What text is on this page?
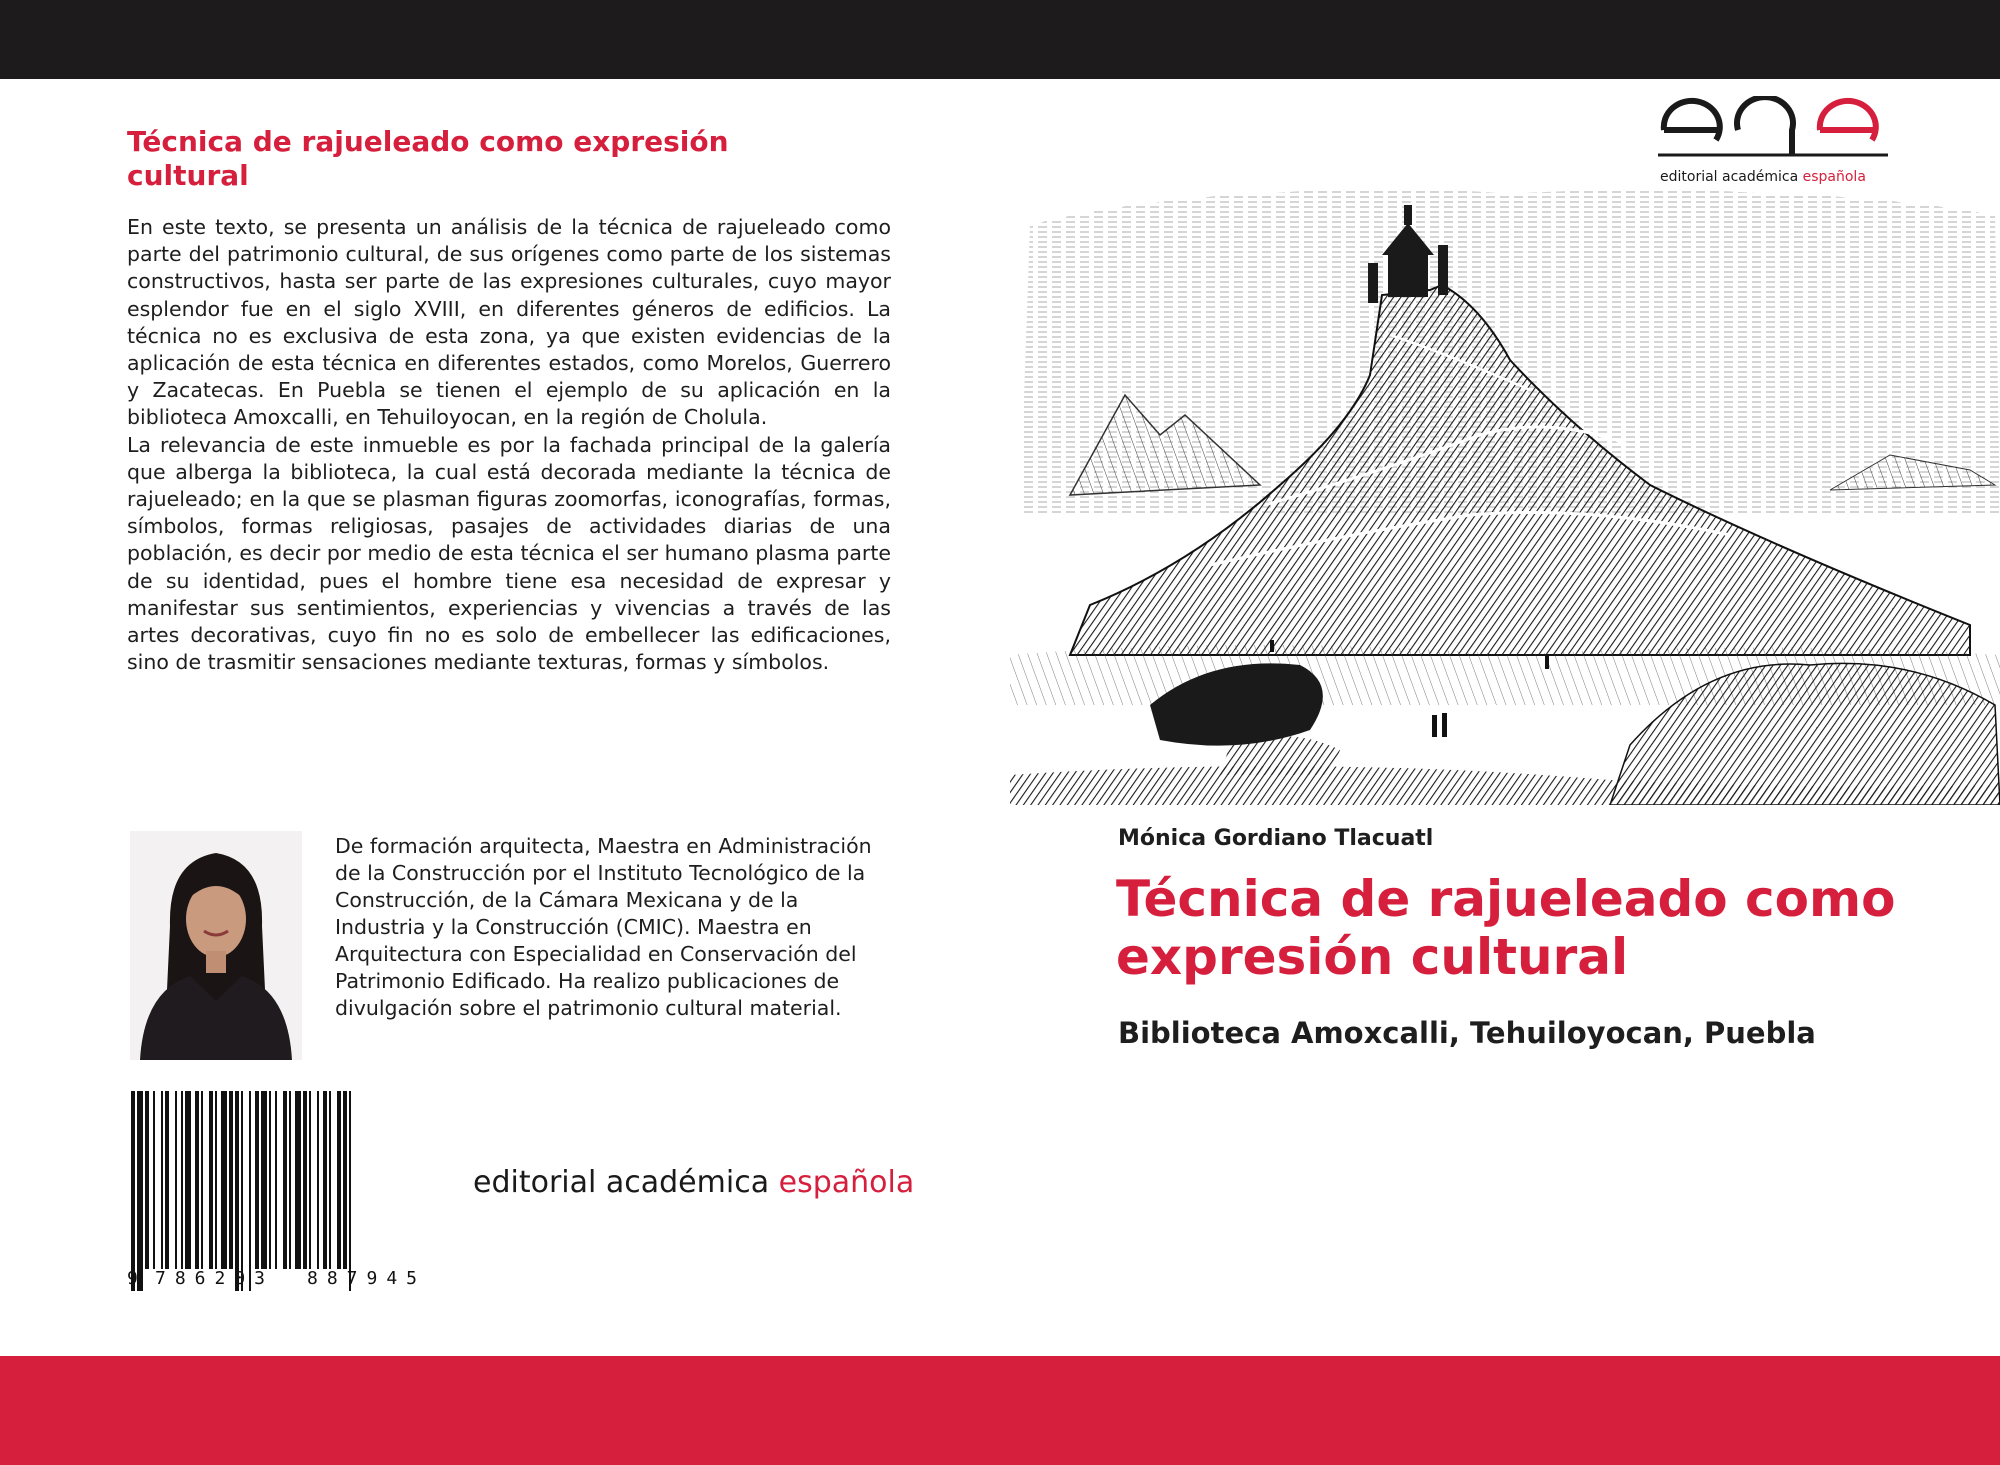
Técnica de rajueleado como expresión cultural

En este texto, se presenta un análisis de la técnica de rajueleado como parte del patrimonio cultural, de sus orígenes como parte de los sistemas constructivos, hasta ser parte de las expresiones culturales, cuyo mayor esplendor fue en el siglo XVIII, en diferentes géneros de edificios. La técnica no es exclusiva de esta zona, ya que existen evidencias de la aplicación de esta técnica en diferentes estados, como Morelos, Guerrero y Zacatecas. En Puebla se tienen el ejemplo de su aplicación en la biblioteca Amoxcalli, en Tehuiloyocan, en la región de Cholula.

La relevancia de este inmueble es por la fachada principal de la galería que alberga la biblioteca, la cual está decorada mediante la técnica de rajueleado; en la que se plasman figuras zoomorfas, iconografías, formas, símbolos, formas religiosas, pasajes de actividades diarias de una población, es decir por medio de esta técnica el ser humano plasma parte de su identidad, pues el hombre tiene esa necesidad de expresar y manifestar sus sentimientos, experiencias y vivencias a través de las artes decorativas, cuyo fin no es solo de embellecer las edificaciones, sino de trasmitir sensaciones mediante texturas, formas y símbolos.

De formación arquitecta, Maestra en Administración de la Construcción por el Instituto Tecnológico de la Construcción, de la Cámara Mexicana y de la Industria y la Construcción (CMIC). Maestra en Arquitectura con Especialidad en Conservación del Patrimonio Edificado. Ha realizo publicaciones de divulgación sobre el patrimonio cultural material.
9 786203 887945
editorial académica española
editorial académica española
Mónica Gordiano Tlacuatl
Técnica de rajueleado como expresión cultural
Biblioteca Amoxcalli, Tehuiloyocan, Puebla
